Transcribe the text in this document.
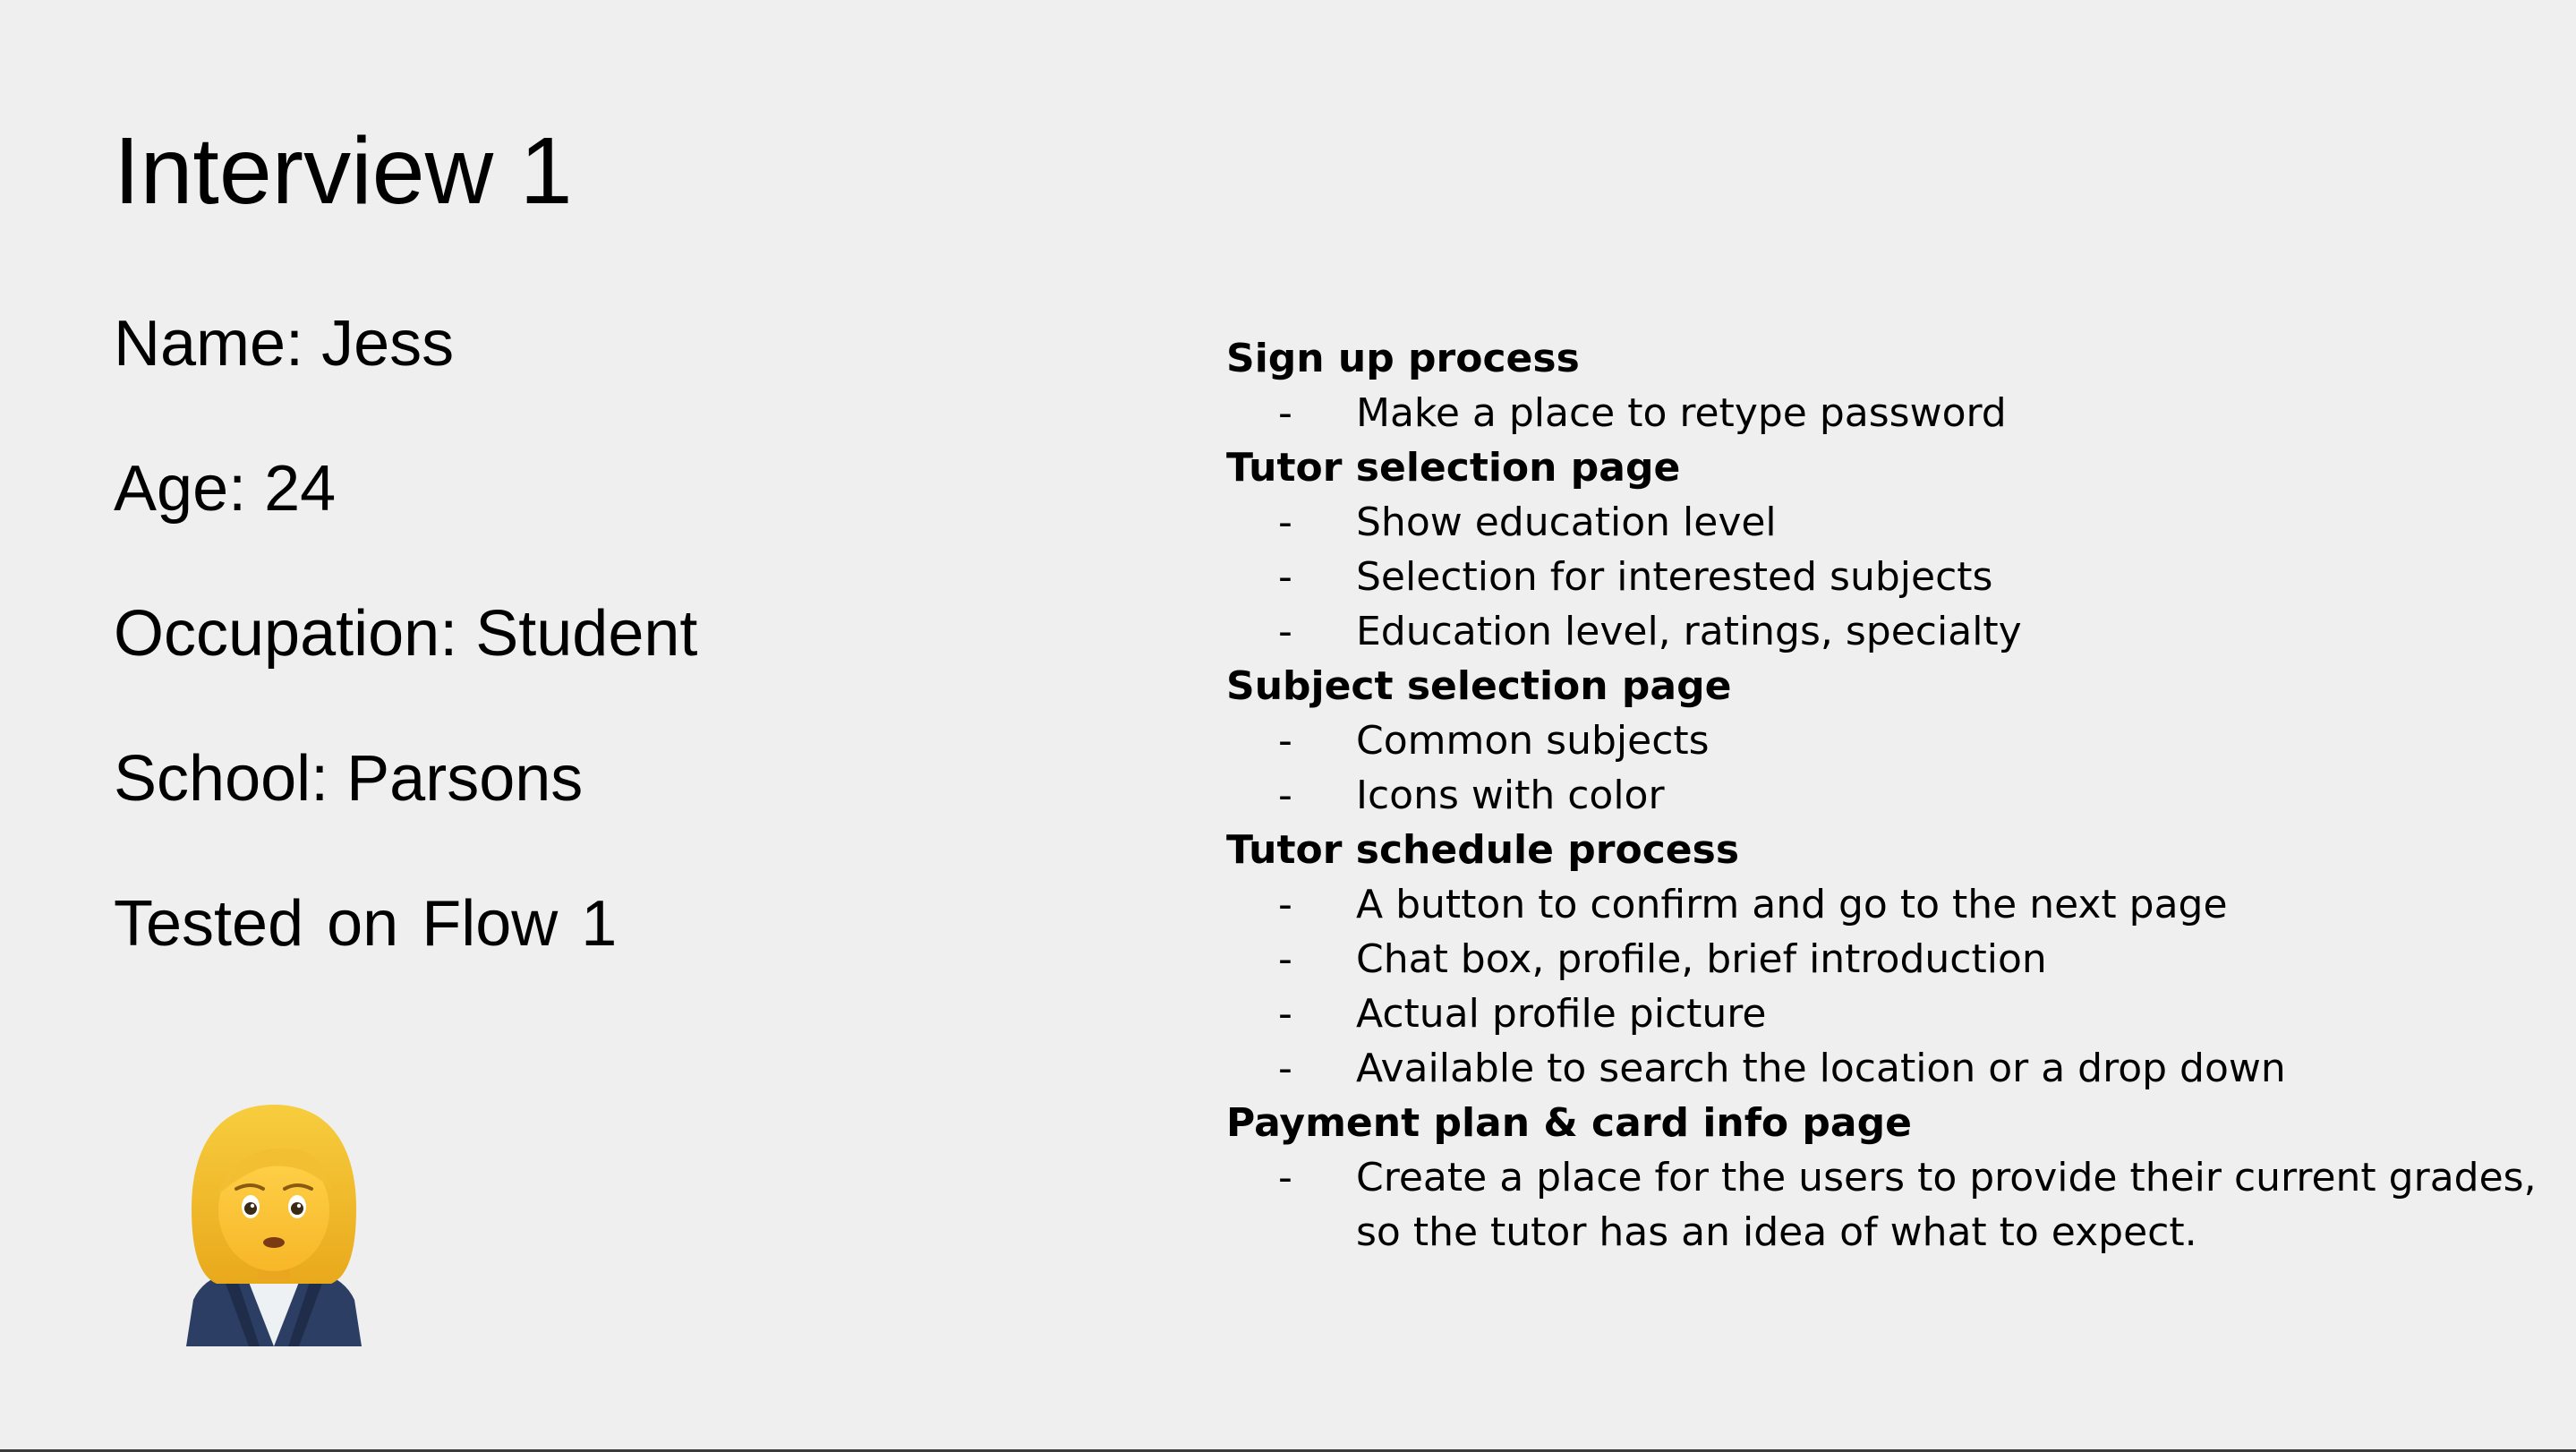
Interview 1
Name: Jess
Age: 24
Occupation: Student
School: Parsons
Tested on Flow 1
Sign up process
- Make a place to retype password
Tutor selection page
- Show education level
- Selection for interested subjects
- Education level, ratings, specialty
Subject selection page
- Common subjects
- Icons with color
Tutor schedule process
- A button to confirm and go to the next page
- Chat box, profile, brief introduction
- Actual profile picture
- Available to search the location or a drop down
Payment plan & card info page
- Create a place for the users to provide their current grades, so the tutor has an idea of what to expect.
